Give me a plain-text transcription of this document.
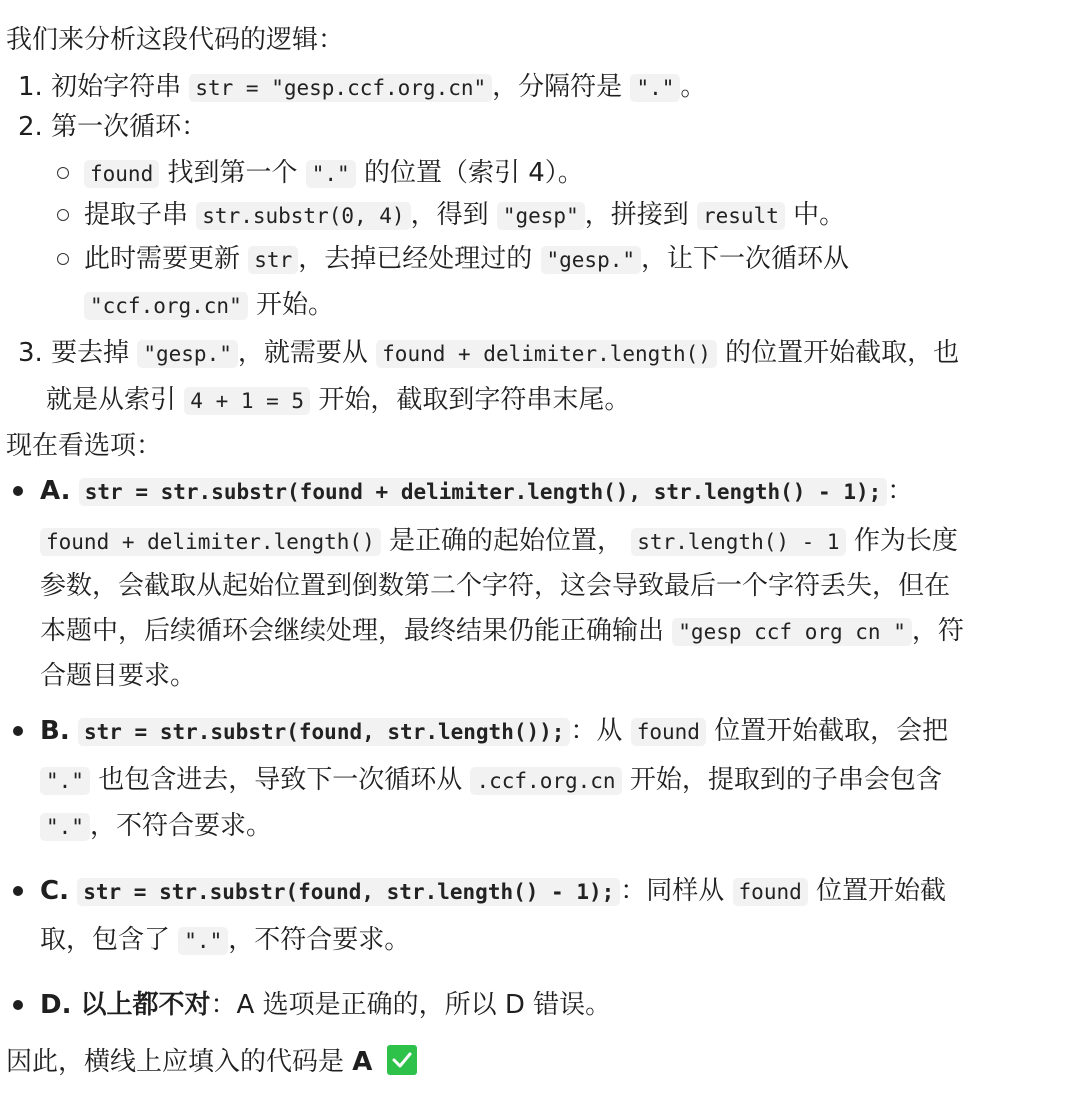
我们来分析这段代码的逻辑：
1. 初始字符串 str = "gesp.ccf.org.cn" ，分隔符是 "." 。
2. 第一次循环：
found 找到第一个 "." 的位置（索引 4）。
提取子串 str.substr(0, 4) ，得到 "gesp" ，拼接到 result 中。
此时需要更新 str ，去掉已经处理过的 "gesp." ，让下一次循环从
"ccf.org.cn" 开始。
3. 要去掉 "gesp." ，就需要从 found + delimiter.length() 的位置开始截取，也
就是从索引 4 + 1 = 5 开始，截取到字符串末尾。
现在看选项：
A. str = str.substr(found + delimiter.length(), str.length() - 1); ：
found + delimiter.length() 是正确的起始位置， str.length() - 1 作为长度
参数，会截取从起始位置到倒数第二个字符，这会导致最后一个字符丢失，但在
本题中，后续循环会继续处理，最终结果仍能正确输出 "gesp ccf org cn " ，符
合题目要求。
B. str = str.substr(found, str.length()); ：从 found 位置开始截取，会把
"." 也包含进去，导致下一次循环从 .ccf.org.cn 开始，提取到的子串会包含
"." ，不符合要求。
C. str = str.substr(found, str.length() - 1); ：同样从 found 位置开始截
取，包含了 "." ，不符合要求。
D. 以上都不对：A 选项是正确的，所以 D 错误。
因此，横线上应填入的代码是 A
